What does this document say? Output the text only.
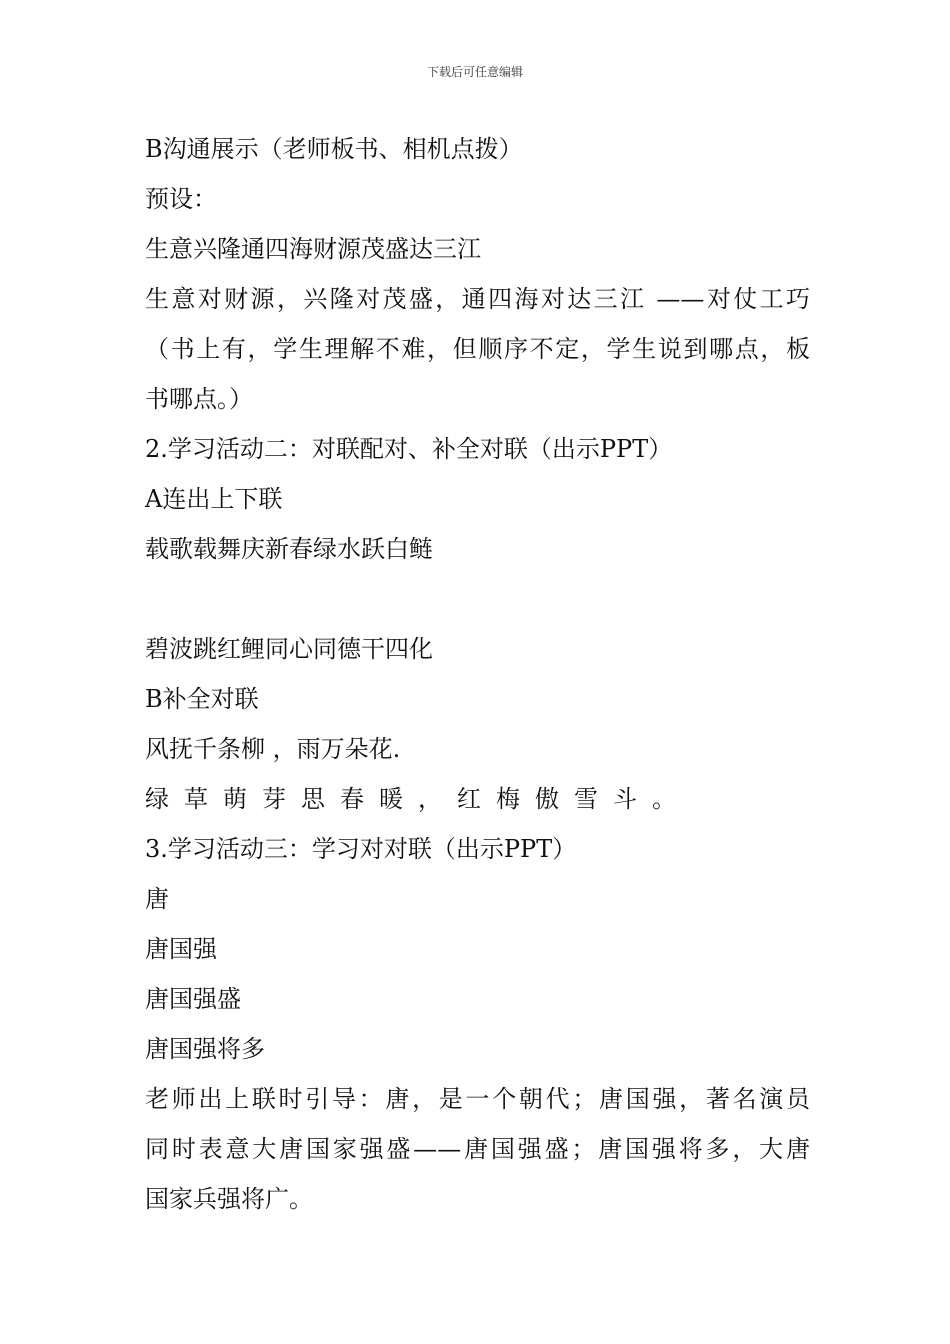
下载后可任意编辑
B沟通展示（老师板书、相机点拨）
预设：
生意兴隆通四海财源茂盛达三江
生意对财源，兴隆对茂盛，通四海对达三江 ——对仗工巧
（书上有，学生理解不难，但顺序不定，学生说到哪点，板
书哪点。）
2.学习活动二：对联配对、补全对联（出示PPT）
A连出上下联
载歌载舞庆新春绿水跃白鲢
碧波跳红鲤同心同德干四化
B补全对联
风抚千条柳 ，雨万朵花.
绿草萌芽思春暖，红梅傲雪斗。
3.学习活动三：学习对对联（出示PPT）
唐
唐国强
唐国强盛
唐国强将多
老师出上联时引导：唐，是一个朝代；唐国强，著名演员
同时表意大唐国家强盛——唐国强盛；唐国强将多，大唐
国家兵强将广。
